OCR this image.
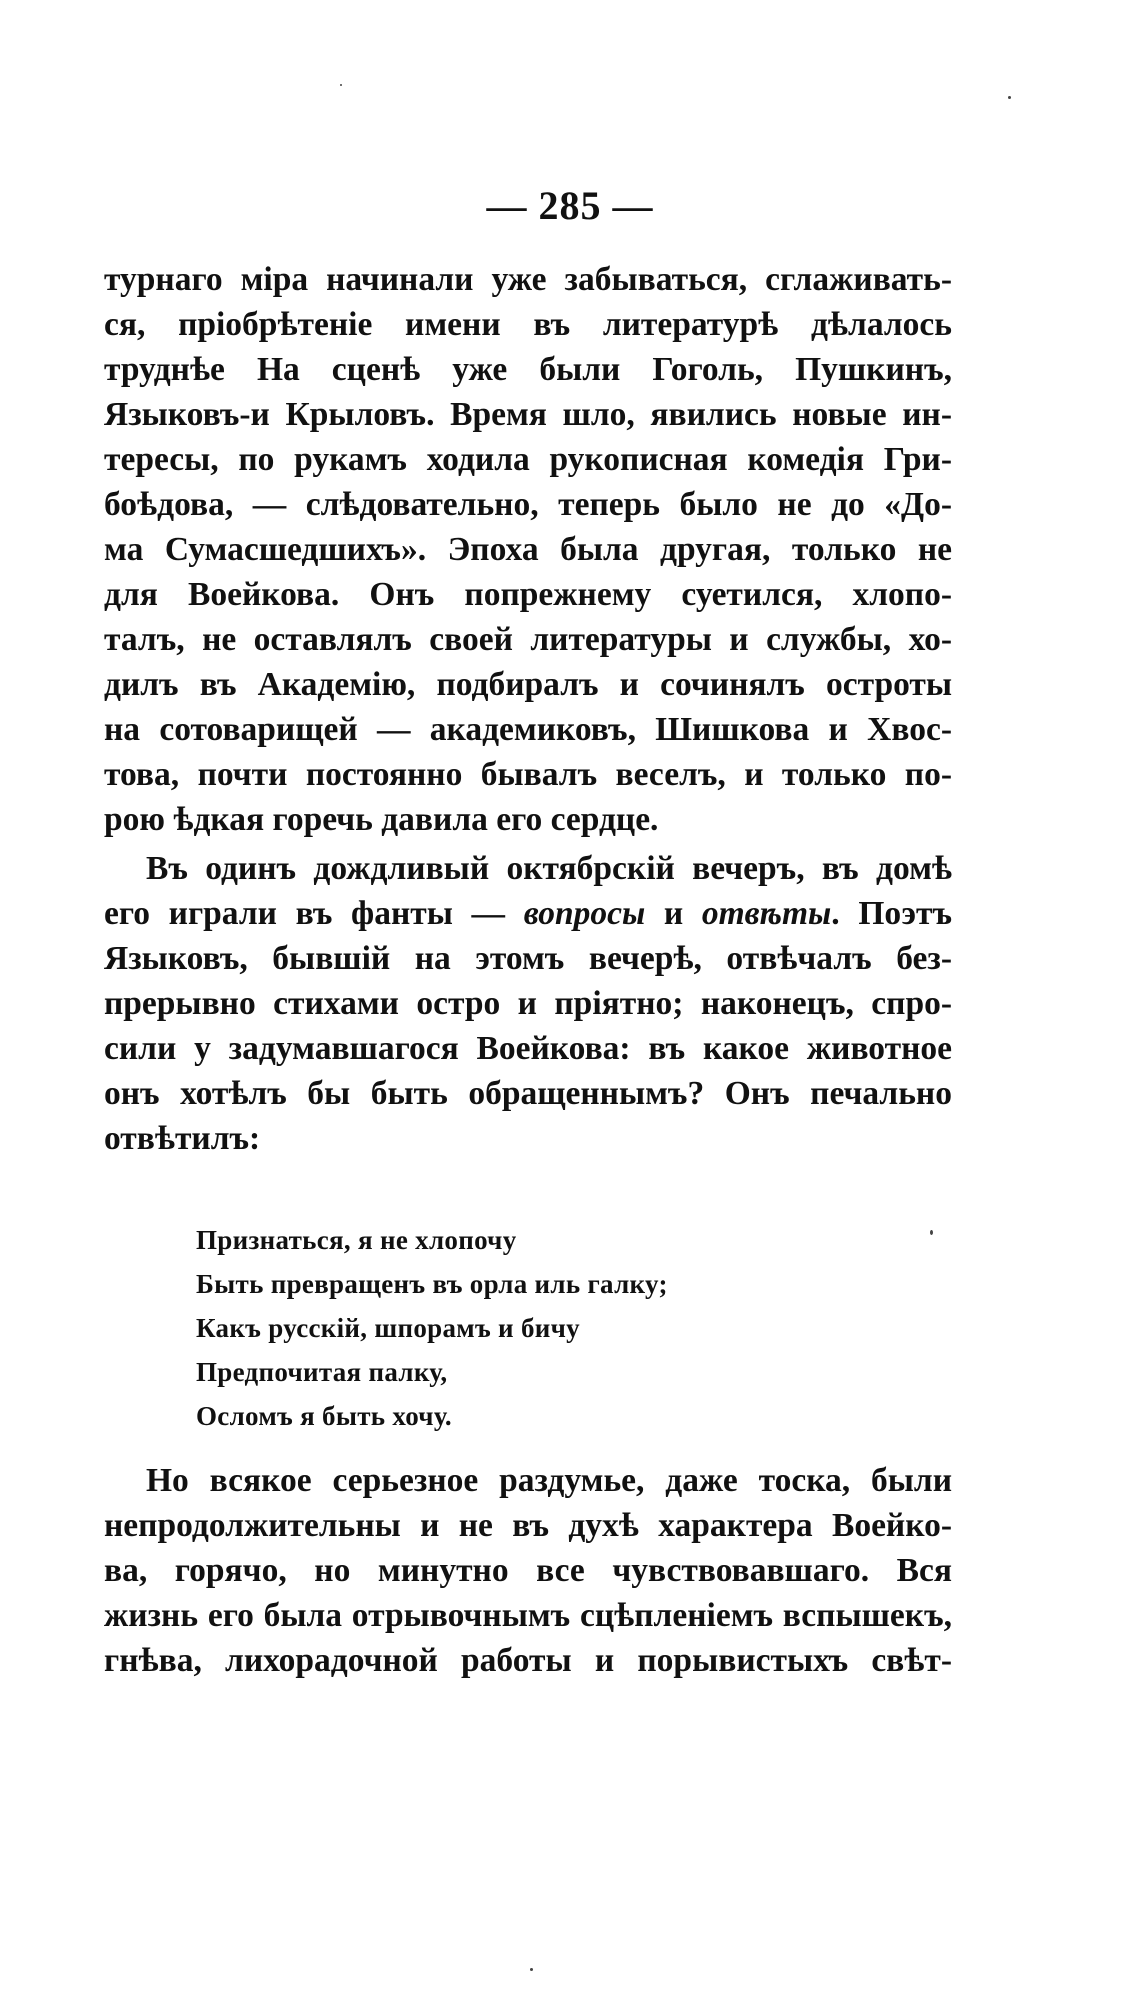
— 285 —
турнаго міра начинали уже забываться, сглаживать-
ся, пріобрѣтеніе имени въ литературѣ дѣлалось
труднѣе На сценѣ уже были Гоголь, Пушкинъ,
Языковъ-и Крыловъ. Время шло, явились новые ин-
тересы, по рукамъ ходила рукописная комедія Гри-
боѣдова, — слѣдовательно, теперь было не до «До-
ма Сумасшедшихъ». Эпоха была другая, только не
для Воейкова. Онъ попрежнему суетился, хлопо-
талъ, не оставлялъ своей литературы и службы, хо-
дилъ въ Академію, подбиралъ и сочинялъ остроты
на сотоварищей — академиковъ, Шишкова и Хвос-
това, почти постоянно бывалъ веселъ, и только по-
рою ѣдкая горечь давила его сердце.
Въ одинъ дождливый октябрскій вечеръ, въ домѣ
его играли въ фанты — вопросы и отвѣты. Поэтъ
Языковъ, бывшій на этомъ вечерѣ, отвѣчалъ без-
прерывно стихами остро и пріятно; наконецъ, спро-
сили у задумавшагося Воейкова: въ какое животное
онъ хотѣлъ бы быть обращеннымъ? Онъ печально
отвѣтилъ:
Признаться, я не хлопочу
Быть превращенъ въ орла иль галку;
Какъ русскій, шпорамъ и бичу
Предпочитая палку,
Осломъ я быть хочу.
Но всякое серьезное раздумье, даже тоска, были
непродолжительны и не въ духѣ характера Воейко-
ва, горячо, но минутно все чувствовавшаго. Вся
жизнь его была отрывочнымъ сцѣпленіемъ вспышекъ,
гнѣва, лихорадочной работы и порывистыхъ свѣт-
